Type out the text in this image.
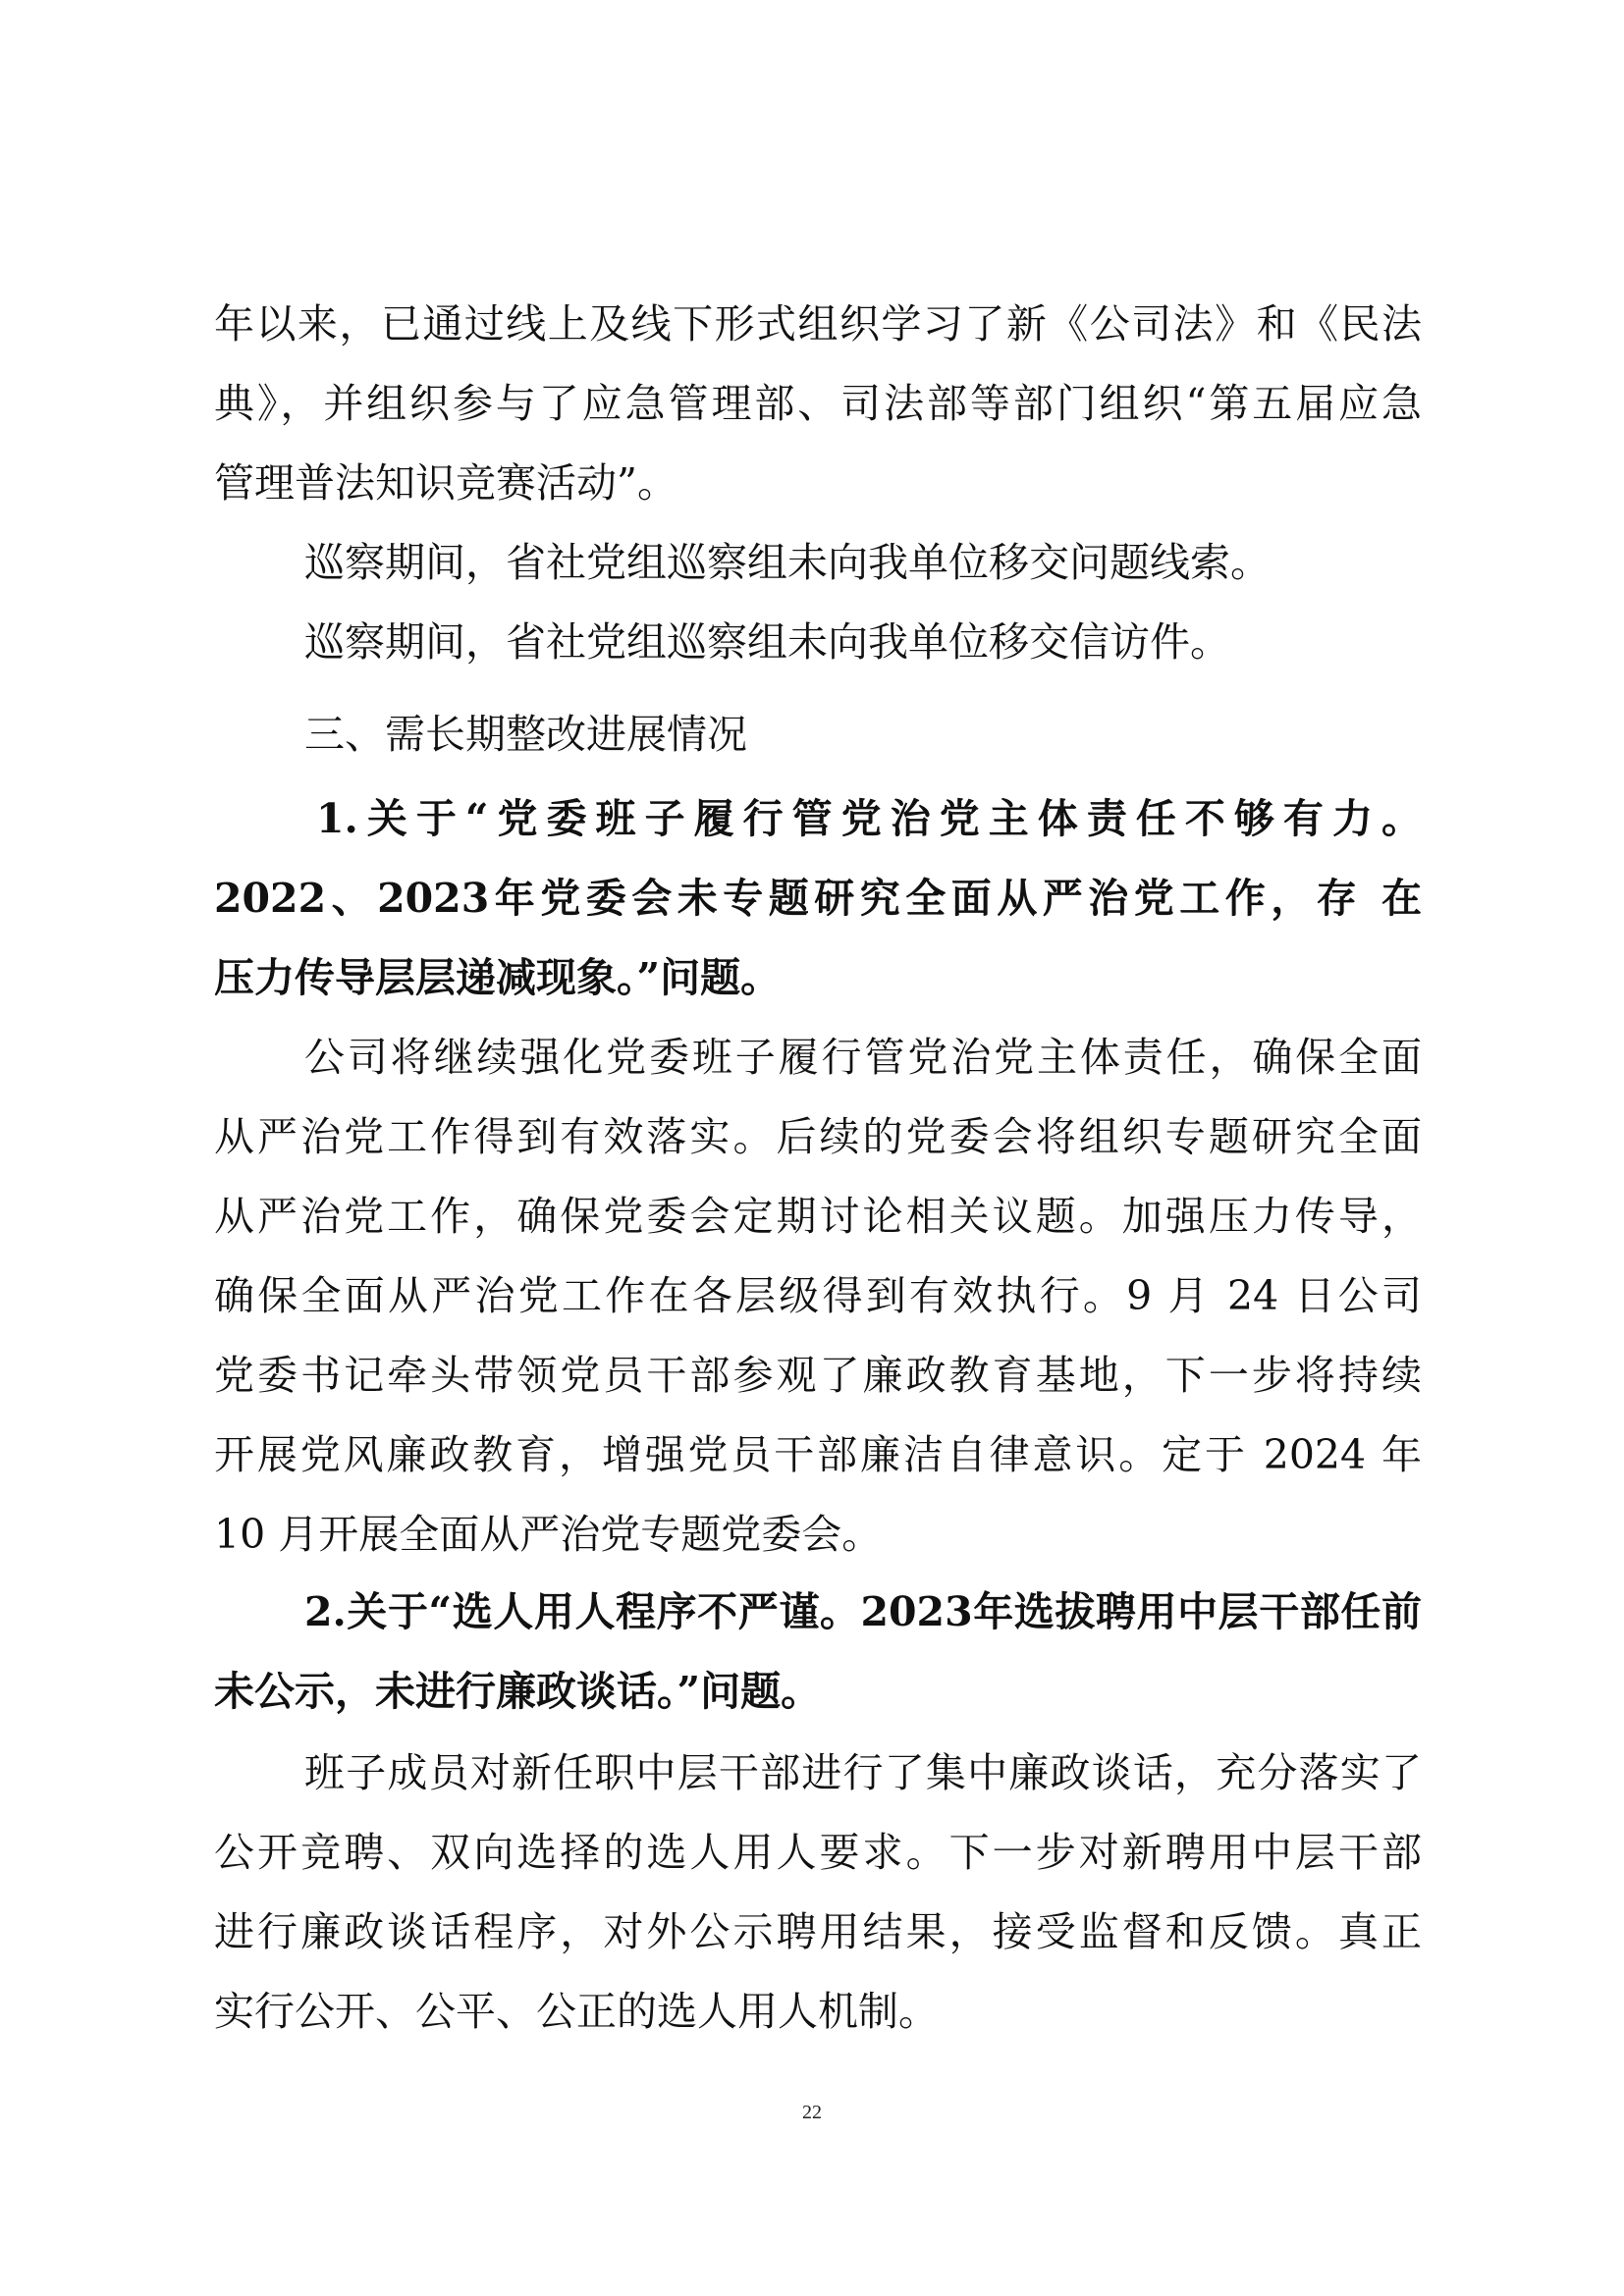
年以来，已通过线上及线下形式组织学习了新《公司法》和《民法

典》，并组织参与了应急管理部、司法部等部门组织“第五届应急

管理普法知识竞赛活动”。

巡察期间，省社党组巡察组未向我单位移交问题线索。

巡察期间，省社党组巡察组未向我单位移交信访件。

三、需长期整改进展情况

1.关于“党委班子履行管党治党主体责任不够有力。

2022、2023年党委会未专题研究全面从严治党工作，存 在

压力传导层层递减现象。”问题。

公司将继续强化党委班子履行管党治党主体责任，确保全面

从严治党工作得到有效落实。后续的党委会将组织专题研究全面

从严治党工作，确保党委会定期讨论相关议题。加强压力传导，

确保全面从严治党工作在各层级得到有效执行。9 月 24 日公司

党委书记牵头带领党员干部参观了廉政教育基地，下一步将持续

开展党风廉政教育，增强党员干部廉洁自律意识。定于 2024 年

10 月开展全面从严治党专题党委会。

2.关于“选人用人程序不严谨。2023年选拔聘用中层干部任前

未公示，未进行廉政谈话。”问题。

班子成员对新任职中层干部进行了集中廉政谈话，充分落实了

公开竞聘、双向选择的选人用人要求。下一步对新聘用中层干部

进行廉政谈话程序，对外公示聘用结果，接受监督和反馈。真正

实行公开、公平、公正的选人用人机制。

22
